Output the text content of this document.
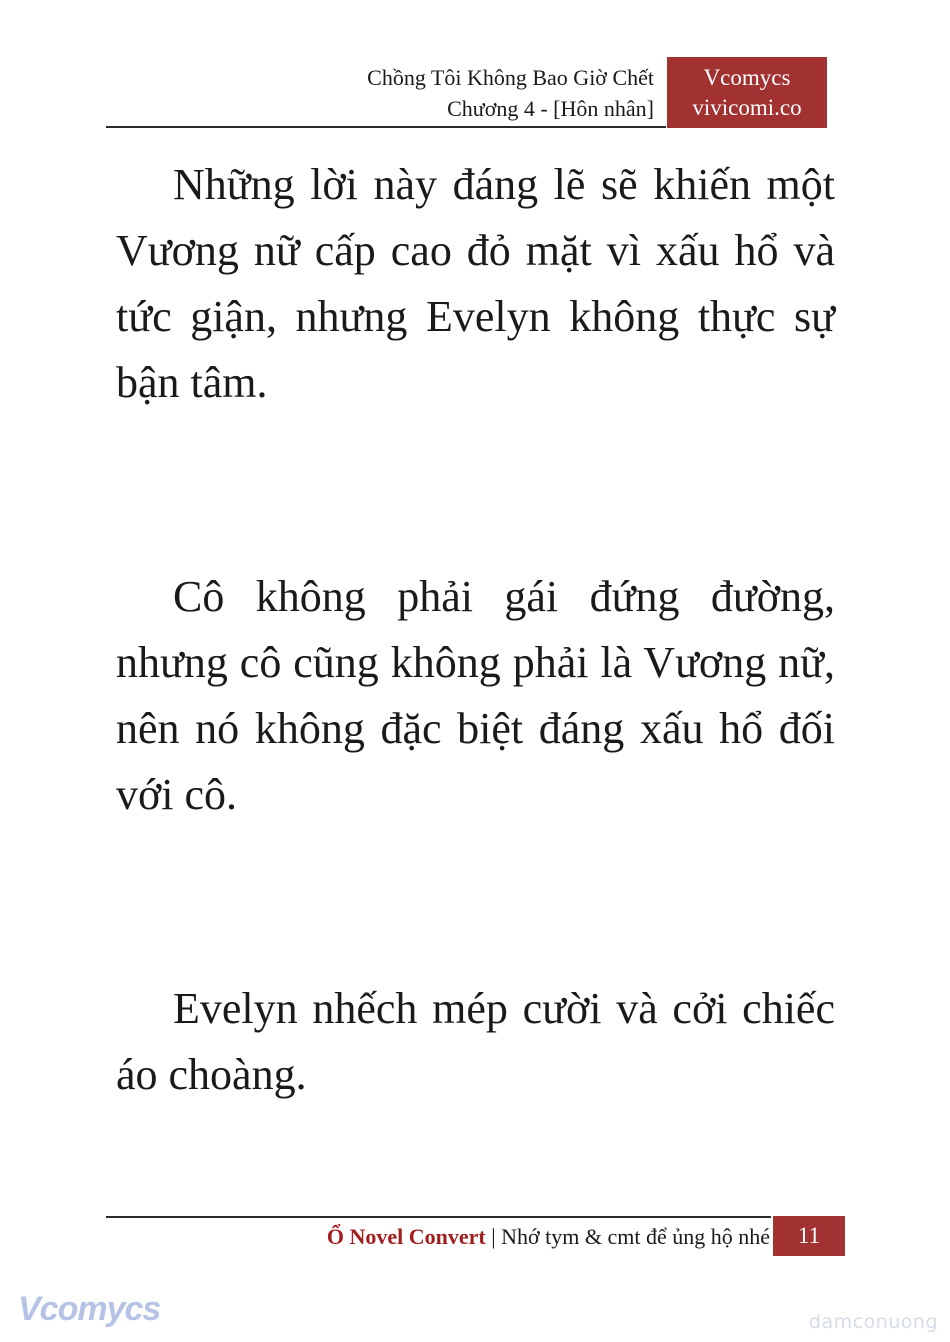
Chồng Tôi Không Bao Giờ Chết
Chương 4 - [Hôn nhân]
Vcomycs
vivicomi.co

Những lời này đáng lẽ sẽ khiến một Vương nữ cấp cao đỏ mặt vì xấu hổ và tức giận, nhưng Evelyn không thực sự bận tâm.

Cô không phải gái đứng đường, nhưng cô cũng không phải là Vương nữ, nên nó không đặc biệt đáng xấu hổ đối với cô.

Evelyn nhếch mép cười và cởi chiếc áo choàng.

Ổ Novel Convert | Nhớ tym & cmt để ủng hộ nhé	11
Vcomycs	damconuong
